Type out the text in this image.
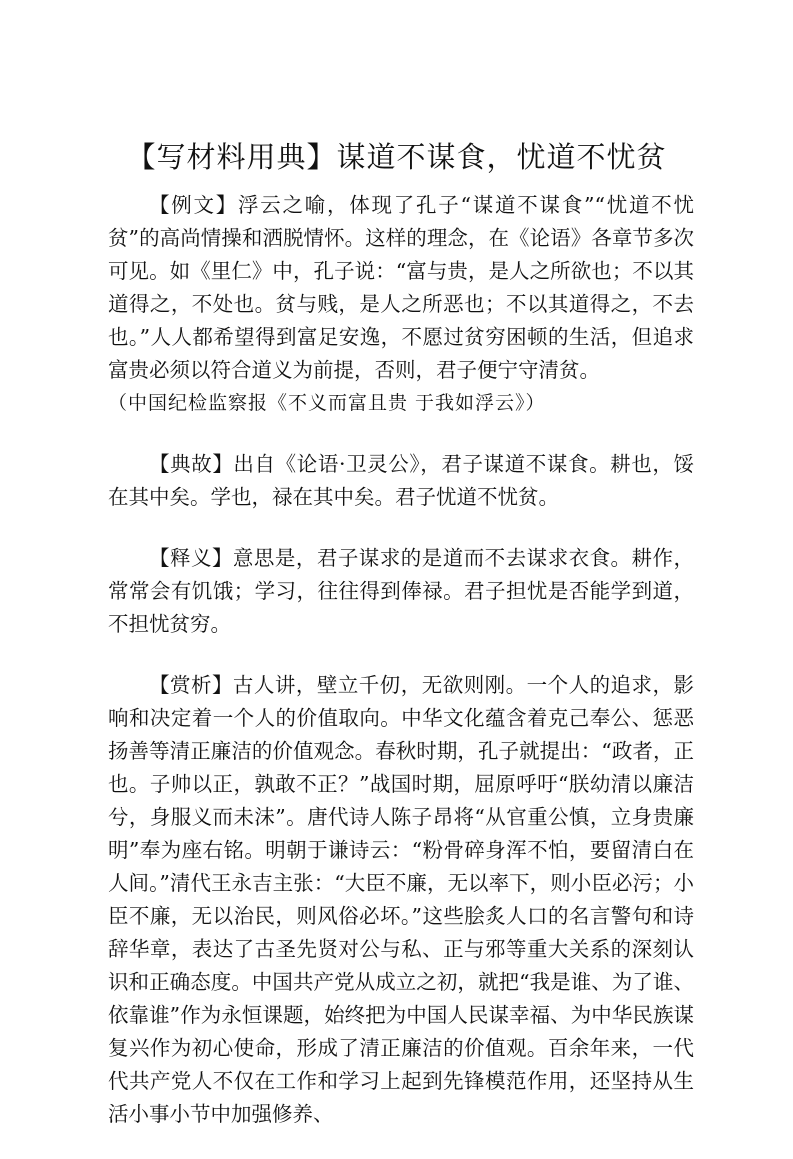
【写材料用典】谋道不谋食，忧道不忧贫

【例文】浮云之喻，体现了孔子“谋道不谋食”“忧道不忧贫”的高尚情操和洒脱情怀。这样的理念，在《论语》各章节多次可见。如《里仁》中，孔子说：“富与贵，是人之所欲也；不以其道得之，不处也。贫与贱，是人之所恶也；不以其道得之，不去也。”人人都希望得到富足安逸，不愿过贫穷困顿的生活，但追求富贵必须以符合道义为前提，否则，君子便宁守清贫。
（中国纪检监察报《不义而富且贵 于我如浮云》）

【典故】出自《论语·卫灵公》，君子谋道不谋食。耕也，馁在其中矣。学也，禄在其中矣。君子忧道不忧贫。

【释义】意思是，君子谋求的是道而不去谋求衣食。耕作，常常会有饥饿；学习，往往得到俸禄。君子担忧是否能学到道，不担忧贫穷。

【赏析】古人讲，壁立千仞，无欲则刚。一个人的追求，影响和决定着一个人的价值取向。中华文化蕴含着克己奉公、惩恶扬善等清正廉洁的价值观念。春秋时期，孔子就提出：“政者，正也。子帅以正，孰敢不正？”战国时期，屈原呼吁“朕幼清以廉洁兮，身服义而未沬”。唐代诗人陈子昂将“从官重公慎，立身贵廉明”奉为座右铭。明朝于谦诗云：“粉骨碎身浑不怕，要留清白在人间。”清代王永吉主张：“大臣不廉，无以率下，则小臣必污；小臣不廉，无以治民，则风俗必坏。”这些脍炙人口的名言警句和诗辞华章，表达了古圣先贤对公与私、正与邪等重大关系的深刻认识和正确态度。中国共产党从成立之初，就把“我是谁、为了谁、依靠谁”作为永恒课题，始终把为中国人民谋幸福、为中华民族谋复兴作为初心使命，形成了清正廉洁的价值观。百余年来，一代代共产党人不仅在工作和学习上起到先锋模范作用，还坚持从生活小事小节中加强修养、
